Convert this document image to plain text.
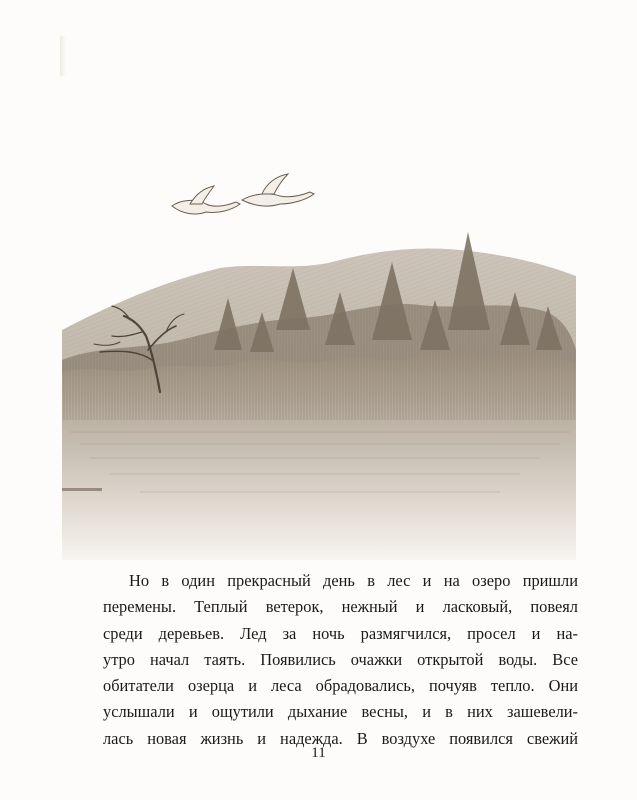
Но в один прекрасный день в лес и на озеро пришли
перемены. Теплый ветерок, нежный и ласковый, повеял
среди деревьев. Лед за ночь размягчился, просел и на-
утро начал таять. Появились очажки открытой воды. Все
обитатели озерца и леса обрадовались, почуяв тепло. Они
услышали и ощутили дыхание весны, и в них зашевели-
лась новая жизнь и надежда. В воздухе появился свежий
11
